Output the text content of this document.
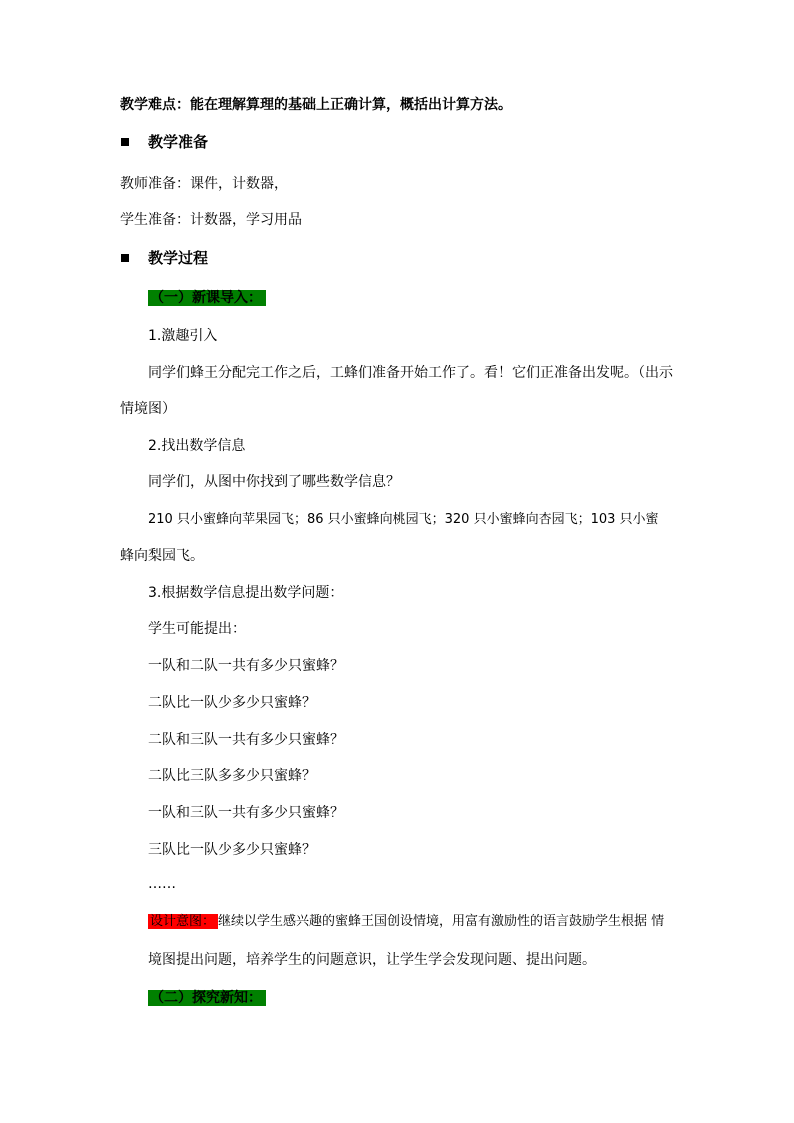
教学难点：能在理解算理的基础上正确计算，概括出计算方法。
教学准备
教师准备：课件，计数器，
学生准备：计数器，学习用品
教学过程
（一）新课导入：
1.激趣引入
同学们蜂王分配完工作之后，工蜂们准备开始工作了。看！它们正准备出发呢。（出示
情境图）
2.找出数学信息
同学们，从图中你找到了哪些数学信息？
210 只小蜜蜂向苹果园飞；86 只小蜜蜂向桃园飞；320 只小蜜蜂向杏园飞；103 只小蜜
蜂向梨园飞。
3.根据数学信息提出数学问题：
学生可能提出：
一队和二队一共有多少只蜜蜂？
二队比一队少多少只蜜蜂？
二队和三队一共有多少只蜜蜂？
二队比三队多多少只蜜蜂？
一队和三队一共有多少只蜜蜂？
三队比一队少多少只蜜蜂？
……
设计意图： 继续以学生感兴趣的蜜蜂王国创设情境，用富有激励性的语言鼓励学生根据 情
境图提出问题，培养学生的问题意识，让学生学会发现问题、提出问题。
（二）探究新知：
